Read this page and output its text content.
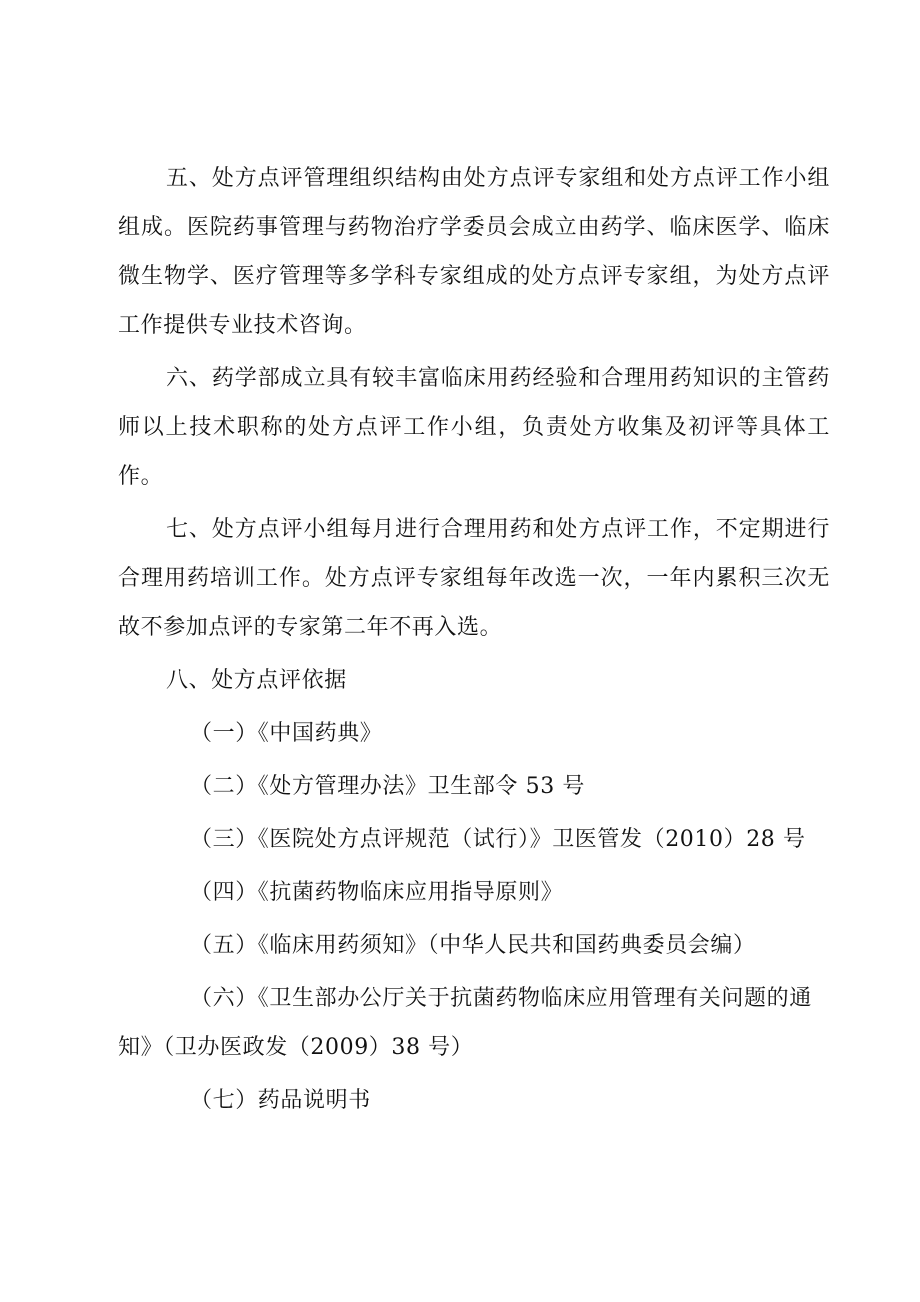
五、处方点评管理组织结构由处方点评专家组和处方点评工作小组组成。医院药事管理与药物治疗学委员会成立由药学、临床医学、临床微生物学、医疗管理等多学科专家组成的处方点评专家组，为处方点评工作提供专业技术咨询。

六、药学部成立具有较丰富临床用药经验和合理用药知识的主管药师以上技术职称的处方点评工作小组，负责处方收集及初评等具体工作。

七、处方点评小组每月进行合理用药和处方点评工作，不定期进行合理用药培训工作。处方点评专家组每年改选一次，一年内累积三次无故不参加点评的专家第二年不再入选。

八、处方点评依据

（一）《中国药典》

（二）《处方管理办法》卫生部令 53 号

（三）《医院处方点评规范（试行）》卫医管发（2010）28 号

（四）《抗菌药物临床应用指导原则》

（五）《临床用药须知》（中华人民共和国药典委员会编）

（六）《卫生部办公厅关于抗菌药物临床应用管理有关问题的通知》（卫办医政发（2009）38 号）

（七）药品说明书
